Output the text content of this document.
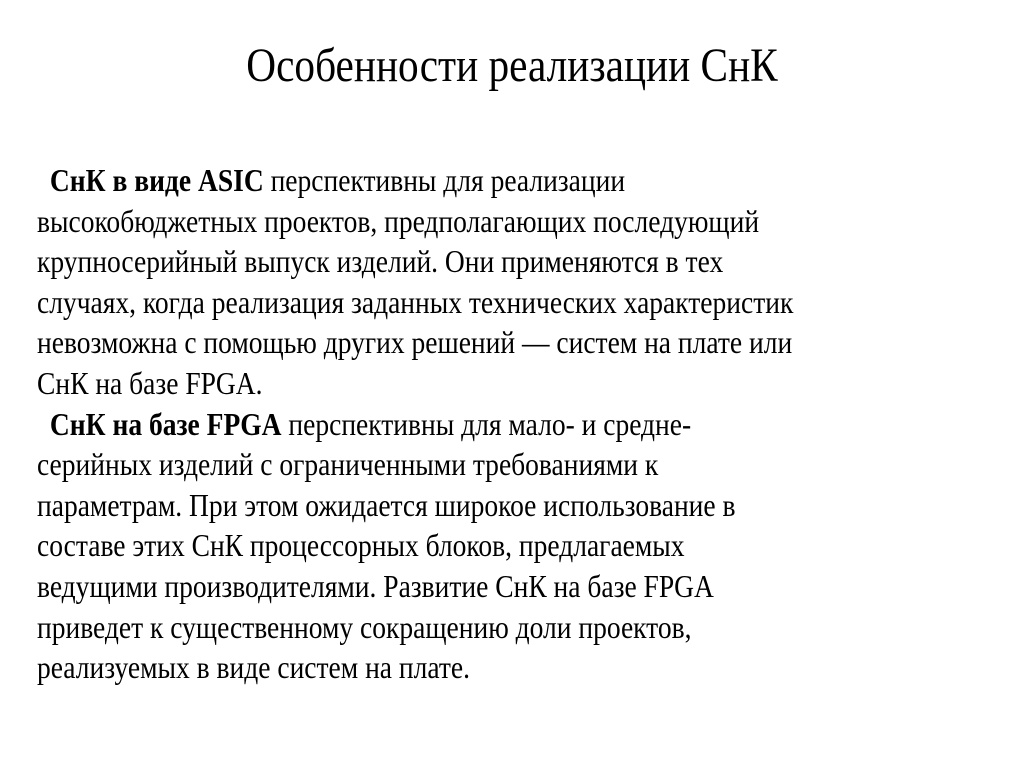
Особенности реализации СнК
СнК в виде ASIC перспективны для реализации
высокобюджетных проектов, предполагающих последующий
крупносерийный выпуск изделий. Они применяются в тех
случаях, когда реализация заданных технических характеристик
невозможна с помощью других решений — систем на плате или
СнК на базе FPGA.
СнК на базе FPGA перспективны для мало- и средне-
серийных изделий с ограниченными требованиями к
параметрам. При этом ожидается широкое использование в
составе этих СнК процессорных блоков, предлагаемых
ведущими производителями. Развитие СнК на базе FPGA
приведет к существенному сокращению доли проектов,
реализуемых в виде систем на плате.
